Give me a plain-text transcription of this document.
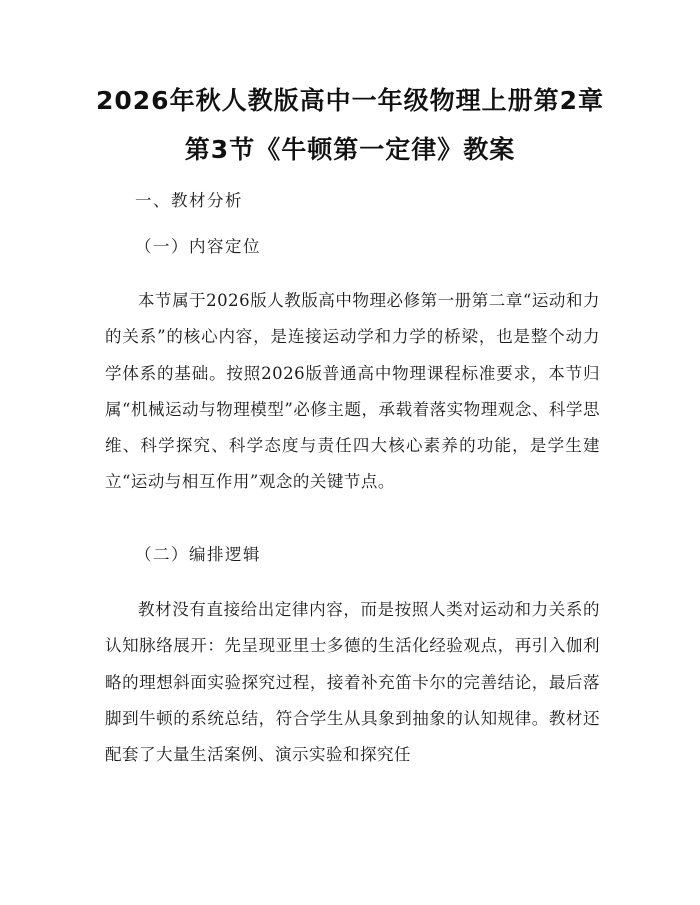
2026年秋人教版高中一年级物理上册第2章
第3节《牛顿第一定律》教案
一、教材分析
（一）内容定位

本节属于2026版人教版高中物理必修第一册第二章“运动和力的关系”的核心内容，是连接运动学和力学的桥梁，也是整个动力学体系的基础。按照2026版普通高中物理课程标准要求，本节归属“机械运动与物理模型”必修主题，承载着落实物理观念、科学思维、科学探究、科学态度与责任四大核心素养的功能，是学生建立“运动与相互作用”观念的关键节点。

（二）编排逻辑

教材没有直接给出定律内容，而是按照人类对运动和力关系的认知脉络展开：先呈现亚里士多德的生活化经验观点，再引入伽利略的理想斜面实验探究过程，接着补充笛卡尔的完善结论，最后落脚到牛顿的系统总结，符合学生从具象到抽象的认知规律。教材还配套了大量生活案例、演示实验和探究任
